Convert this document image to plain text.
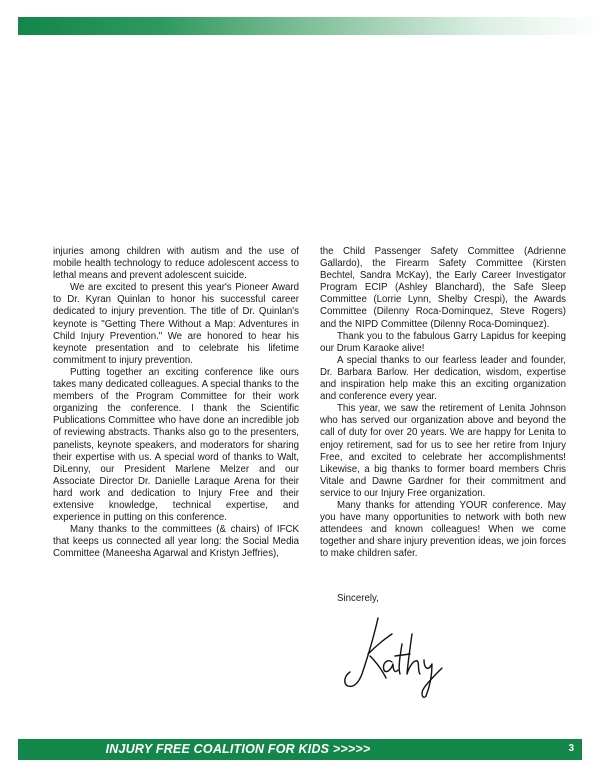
injuries among children with autism and the use of mobile health technology to reduce adolescent access to lethal means and prevent adolescent suicide.

We are excited to present this year's Pioneer Award to Dr. Kyran Quinlan to honor his successful career dedicated to injury prevention. The title of Dr. Quinlan's keynote is "Getting There Without a Map: Adventures in Child Injury Prevention." We are honored to hear his keynote presentation and to celebrate his lifetime commitment to injury prevention.

Putting together an exciting conference like ours takes many dedicated colleagues. A special thanks to the members of the Program Committee for their work organizing the conference. I thank the Scientific Publications Committee who have done an incredible job of reviewing abstracts. Thanks also go to the presenters, panelists, keynote speakers, and moderators for sharing their expertise with us. A special word of thanks to Walt, DiLenny, our President Marlene Melzer and our Associate Director Dr. Danielle Laraque Arena for their hard work and dedication to Injury Free and their extensive knowledge, technical expertise, and experience in putting on this conference.

Many thanks to the committees (& chairs) of IFCK that keeps us connected all year long: the Social Media Committee (Maneesha Agarwal and Kristyn Jeffries),

the Child Passenger Safety Committee (Adrienne Gallardo), the Firearm Safety Committee (Kirsten Bechtel, Sandra McKay), the Early Career Investigator Program ECIP (Ashley Blanchard), the Safe Sleep Committee (Lorrie Lynn, Shelby Crespi), the Awards Committee (Dilenny Roca-Dominquez, Steve Rogers) and the NIPD Committee (Dilenny Roca-Dominquez).

Thank you to the fabulous Garry Lapidus for keeping our Drum Karaoke alive!

A special thanks to our fearless leader and founder, Dr. Barbara Barlow. Her dedication, wisdom, expertise and inspiration help make this an exciting organization and conference every year.

This year, we saw the retirement of Lenita Johnson who has served our organization above and beyond the call of duty for over 20 years. We are happy for Lenita to enjoy retirement, sad for us to see her retire from Injury Free, and excited to celebrate her accomplishments! Likewise, a big thanks to former board members Chris Vitale and Dawne Gardner for their commitment and service to our Injury Free organization.

Many thanks for attending YOUR conference. May you have many opportunities to network with both new attendees and known colleagues! When we come together and share injury prevention ideas, we join forces to make children safer.

Sincerely,
INJURY FREE COALITION FOR KIDS >>>>>	3
